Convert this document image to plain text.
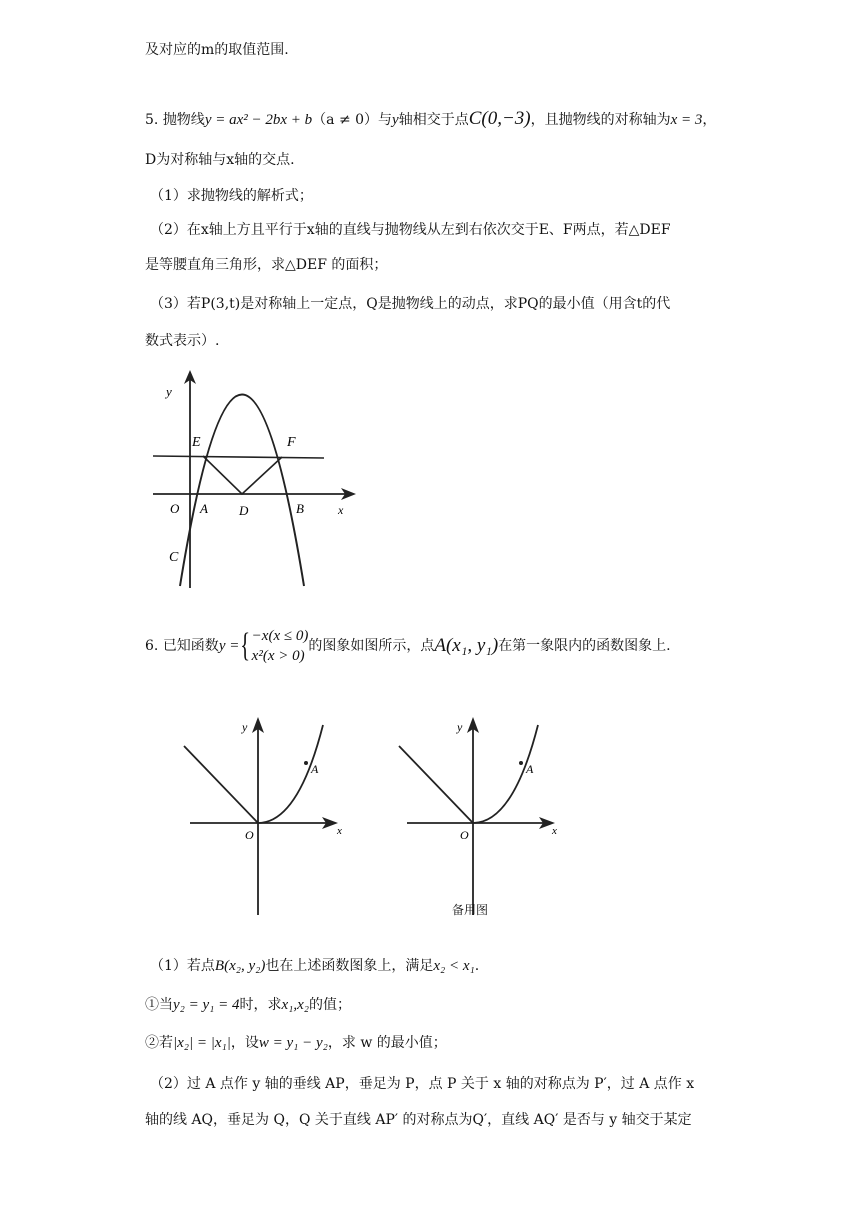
及对应的m的取值范围.
5. 抛物线y = ax² − 2bx + b（a ≠ 0）与y轴相交于点C(0,−3)，且抛物线的对称轴为x = 3，
D为对称轴与x轴的交点.
（1）求抛物线的解析式；
（2）在x轴上方且平行于x轴的直线与抛物线从左到右依次交于E、F两点，若△DEF
是等腰直角三角形，求△DEF 的面积；
（3）若P(3,t)是对称轴上一定点，Q是抛物线上的动点，求PQ的最小值（用含t的代
数式表示）.
y
E	F
O A D	B	x
C
6. 已知函数y ={−x(x ≤ 0)
x²(x > 0)的图象如图所示，点A(x₁, y₁)在第一象限内的函数图象上.
y
A
O	x
y
A
O	x
备用图
（1）若点B(x₂, y₂)也在上述函数图象上，满足x₂ < x₁.
①当y₂ = y₁ = 4时，求x₁,x₂的值；
②若|x₂| = |x₁|，设w = y₁ − y₂，求 w 的最小值；
（2）过 A 点作 y 轴的垂线 AP，垂足为 P，点 P 关于 x 轴的对称点为 P′，过 A 点作 x
轴的线 AQ，垂足为 Q，Q 关于直线 AP′ 的对称点为Q′，直线 AQ′ 是否与 y 轴交于某定
